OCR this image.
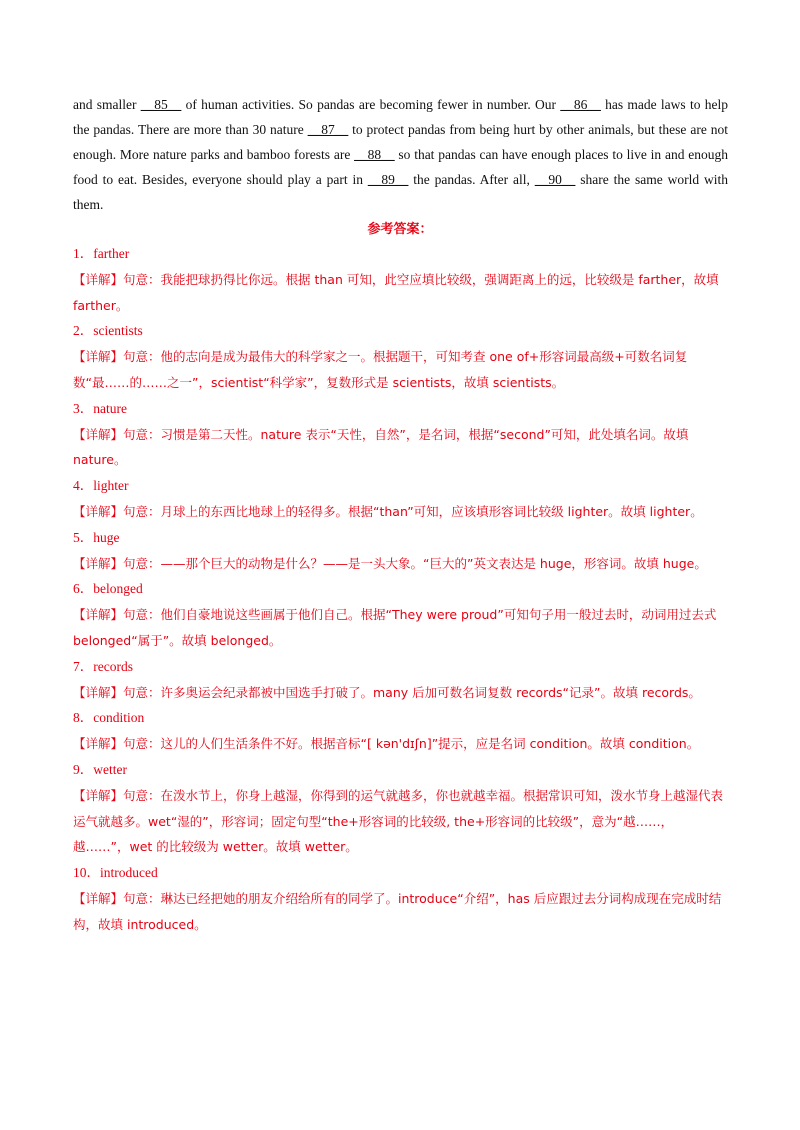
and smaller __85__ of human activities. So pandas are becoming fewer in number. Our __86__ has made laws to help the pandas. There are more than 30 nature __87__ to protect pandas from being hurt by other animals, but these are not enough. More nature parks and bamboo forests are __88__ so that pandas can have enough places to live in and enough food to eat. Besides, everyone should play a part in __89__ the pandas. After all, __90__ share the same world with them.
参考答案：
1．farther
【详解】句意：我能把球扔得比你远。根据 than 可知，此空应填比较级，强调距离上的远，比较级是 farther，故填 farther。
2．scientists
【详解】句意：他的志向是成为最伟大的科学家之一。根据题干，可知考查 one of+形容词最高级+可数名词复数“最……的……之一”，scientist“科学家”，复数形式是 scientists，故填 scientists。
3．nature
【详解】句意：习惯是第二天性。nature 表示“天性，自然”，是名词，根据“second”可知，此处填名词。故填 nature。
4．lighter
【详解】句意：月球上的东西比地球上的轻得多。根据“than”可知，应该填形容词比较级 lighter。故填 lighter。
5．huge
【详解】句意：——那个巨大的动物是什么？——是一头大象。“巨大的”英文表达是 huge，形容词。故填 huge。
6．belonged
【详解】句意：他们自豪地说这些画属于他们自己。根据“They were proud”可知句子用一般过去时，动词用过去式 belonged“属于”。故填 belonged。
7．records
【详解】句意：许多奥运会纪录都被中国选手打破了。many 后加可数名词复数 records“记录”。故填 records。
8．condition
【详解】句意：这儿的人们生活条件不好。根据音标“[ kən'dɪʃn]”提示，应是名词 condition。故填 condition。
9．wetter
【详解】句意：在泼水节上，你身上越湿，你得到的运气就越多，你也就越幸福。根据常识可知，泼水节身上越湿代表运气就越多。wet“湿的”，形容词；固定句型“the+形容词的比较级, the+形容词的比较级”，意为“越……，越……”，wet 的比较级为 wetter。故填 wetter。
10．introduced
【详解】句意：琳达已经把她的朋友介绍给所有的同学了。introduce“介绍”，has 后应跟过去分词构成现在完成时结构，故填 introduced。
